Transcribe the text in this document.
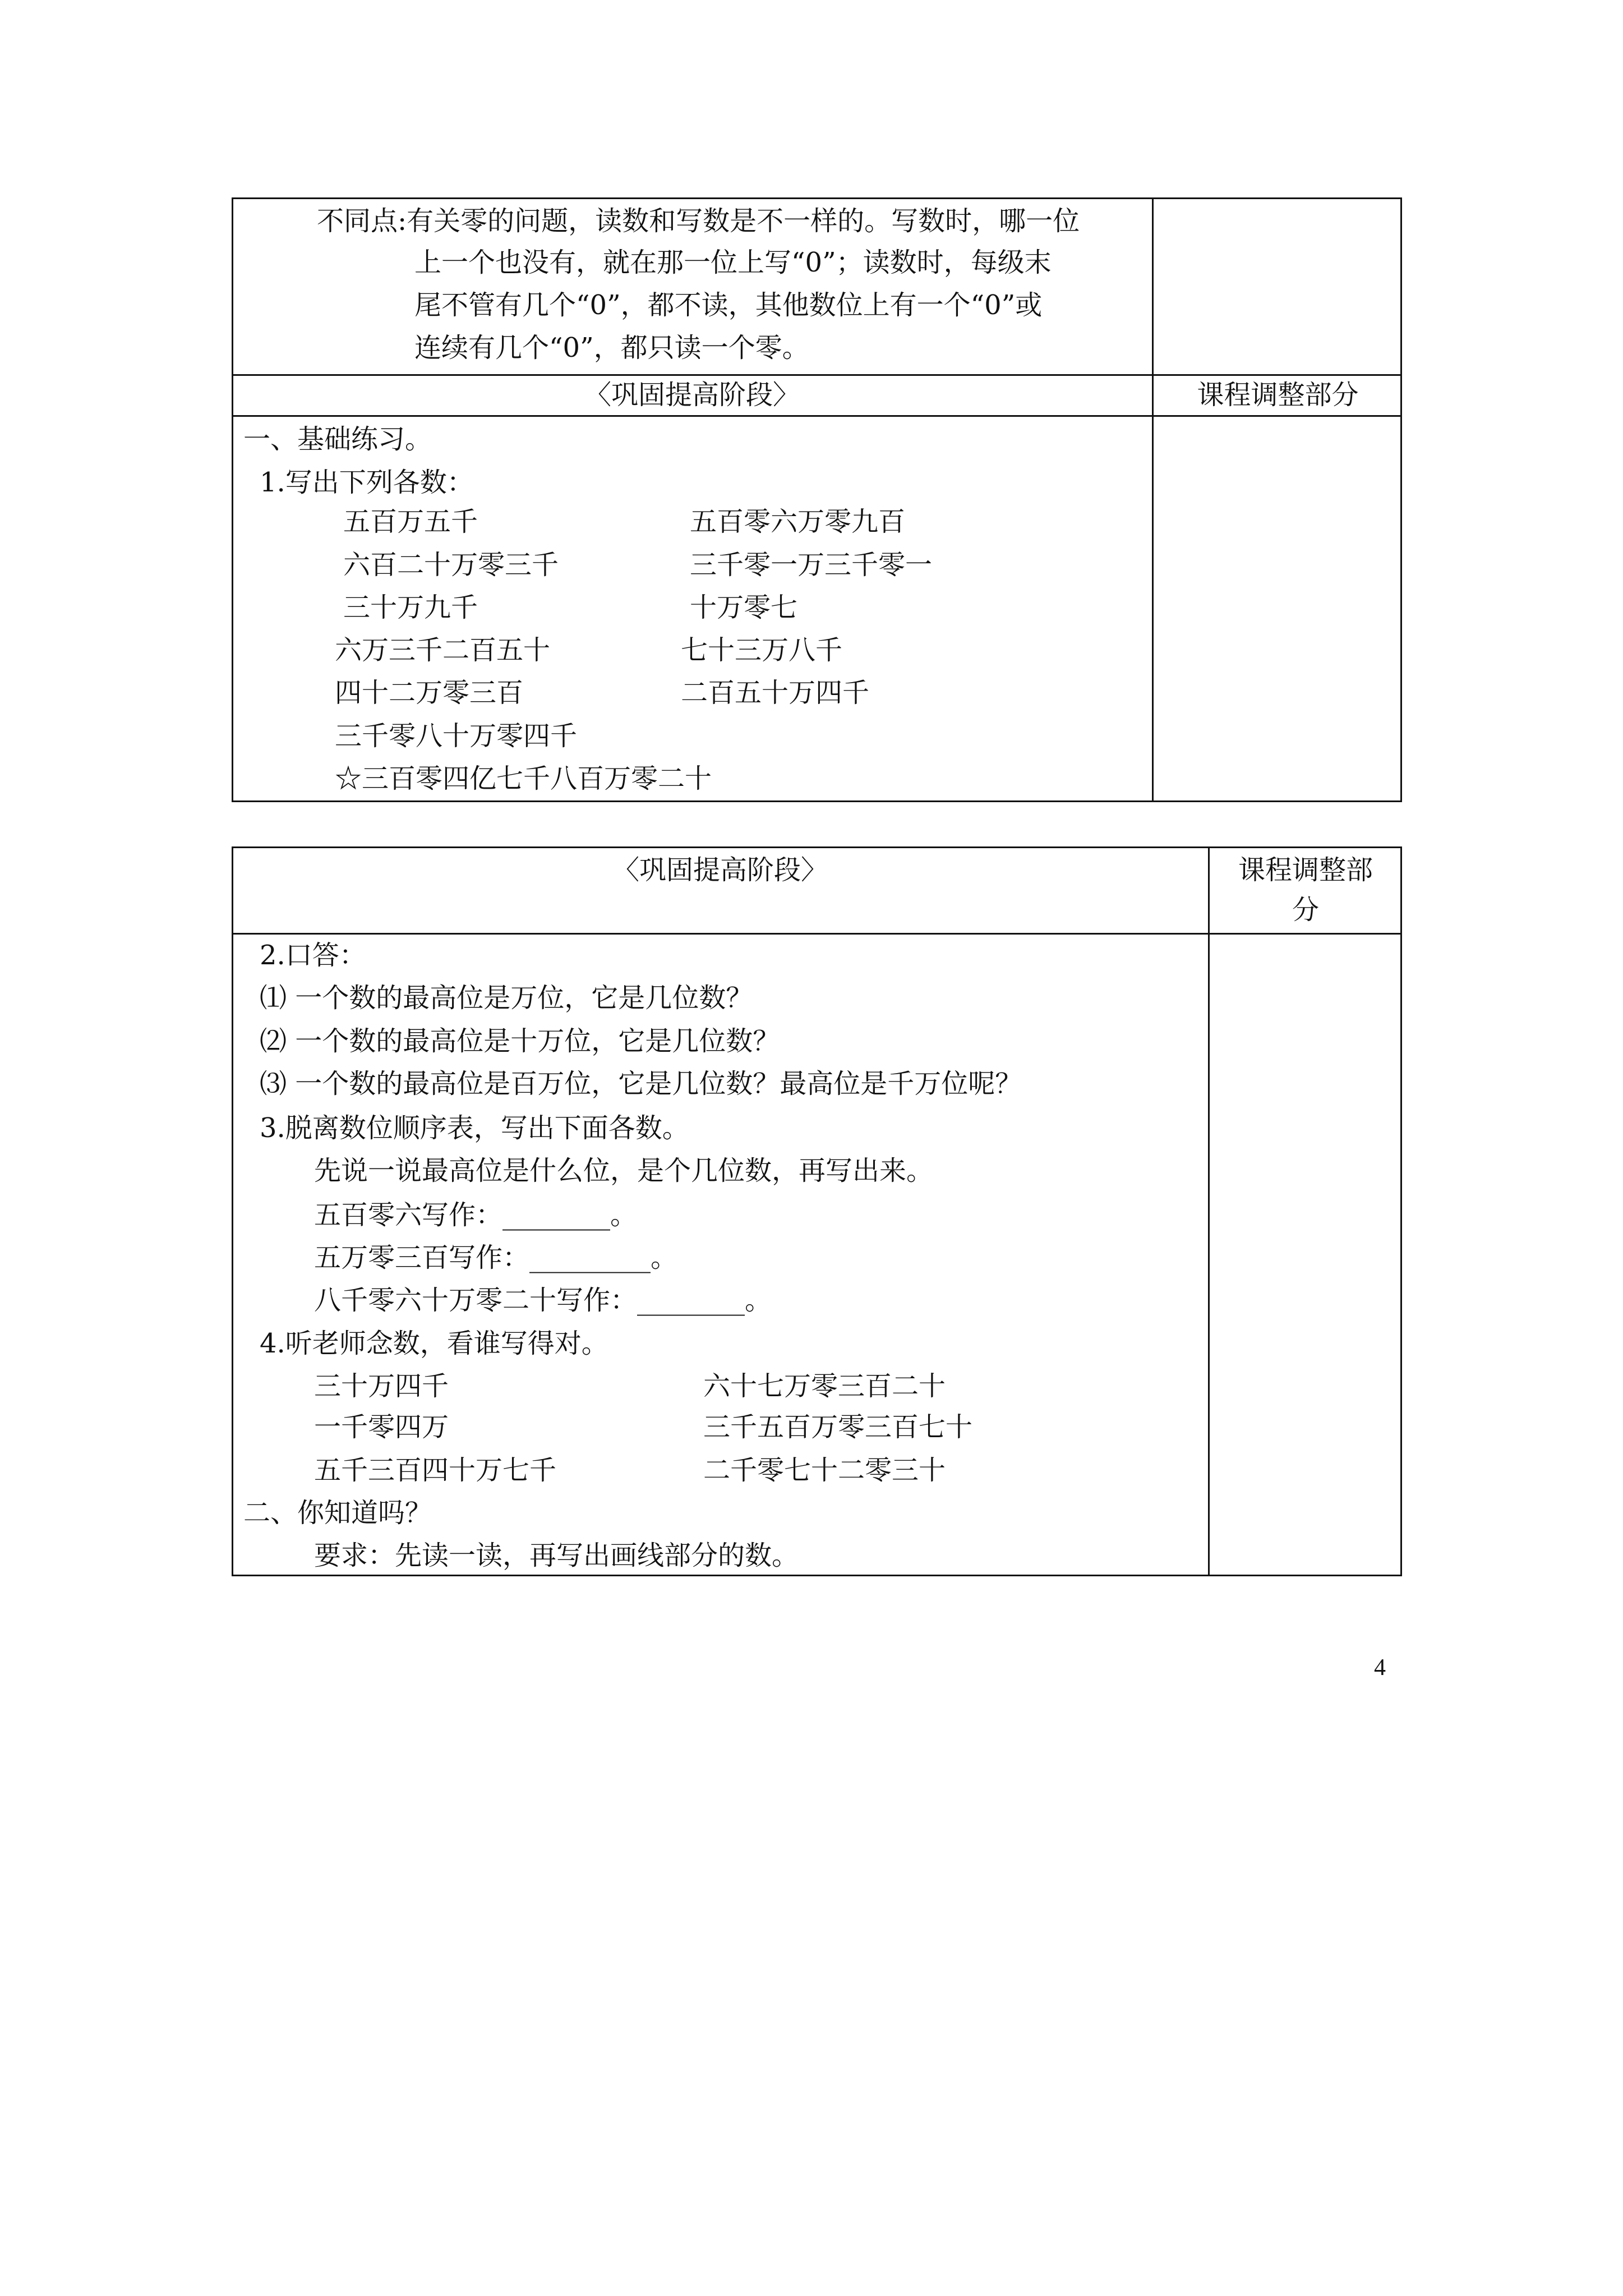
不同点:有关零的问题，读数和写数是不一样的。写数时，哪一位
上一个也没有，就在那一位上写“0”；读数时，每级末
尾不管有几个“0”，都不读，其他数位上有一个“0”或
连续有几个“0”，都只读一个零。
〈巩固提高阶段〉	课程调整部分
一、基础练习。
1.写出下列各数：
五百万五千	五百零六万零九百
六百二十万零三千	三千零一万三千零一
三十万九千	十万零七
六万三千二百五十	七十三万八千
四十二万零三百	二百五十万四千
三千零八十万零四千
☆三百零四亿七千八百万零二十
〈巩固提高阶段〉	课程调整部分
2.口答：
⑴ 一个数的最高位是万位，它是几位数？
⑵ 一个数的最高位是十万位，它是几位数？
⑶ 一个数的最高位是百万位，它是几位数？最高位是千万位呢？
3.脱离数位顺序表，写出下面各数。
先说一说最高位是什么位，是个几位数，再写出来。
五百零六写作：________。
五万零三百写作：_________。
八千零六十万零二十写作：________。
4.听老师念数，看谁写得对。
三十万四千	六十七万零三百二十
一千零四万	三千五百万零三百七十
五千三百四十万七千	二千零七十二零三十
二、你知道吗？
要求：先读一读，再写出画线部分的数。
4
